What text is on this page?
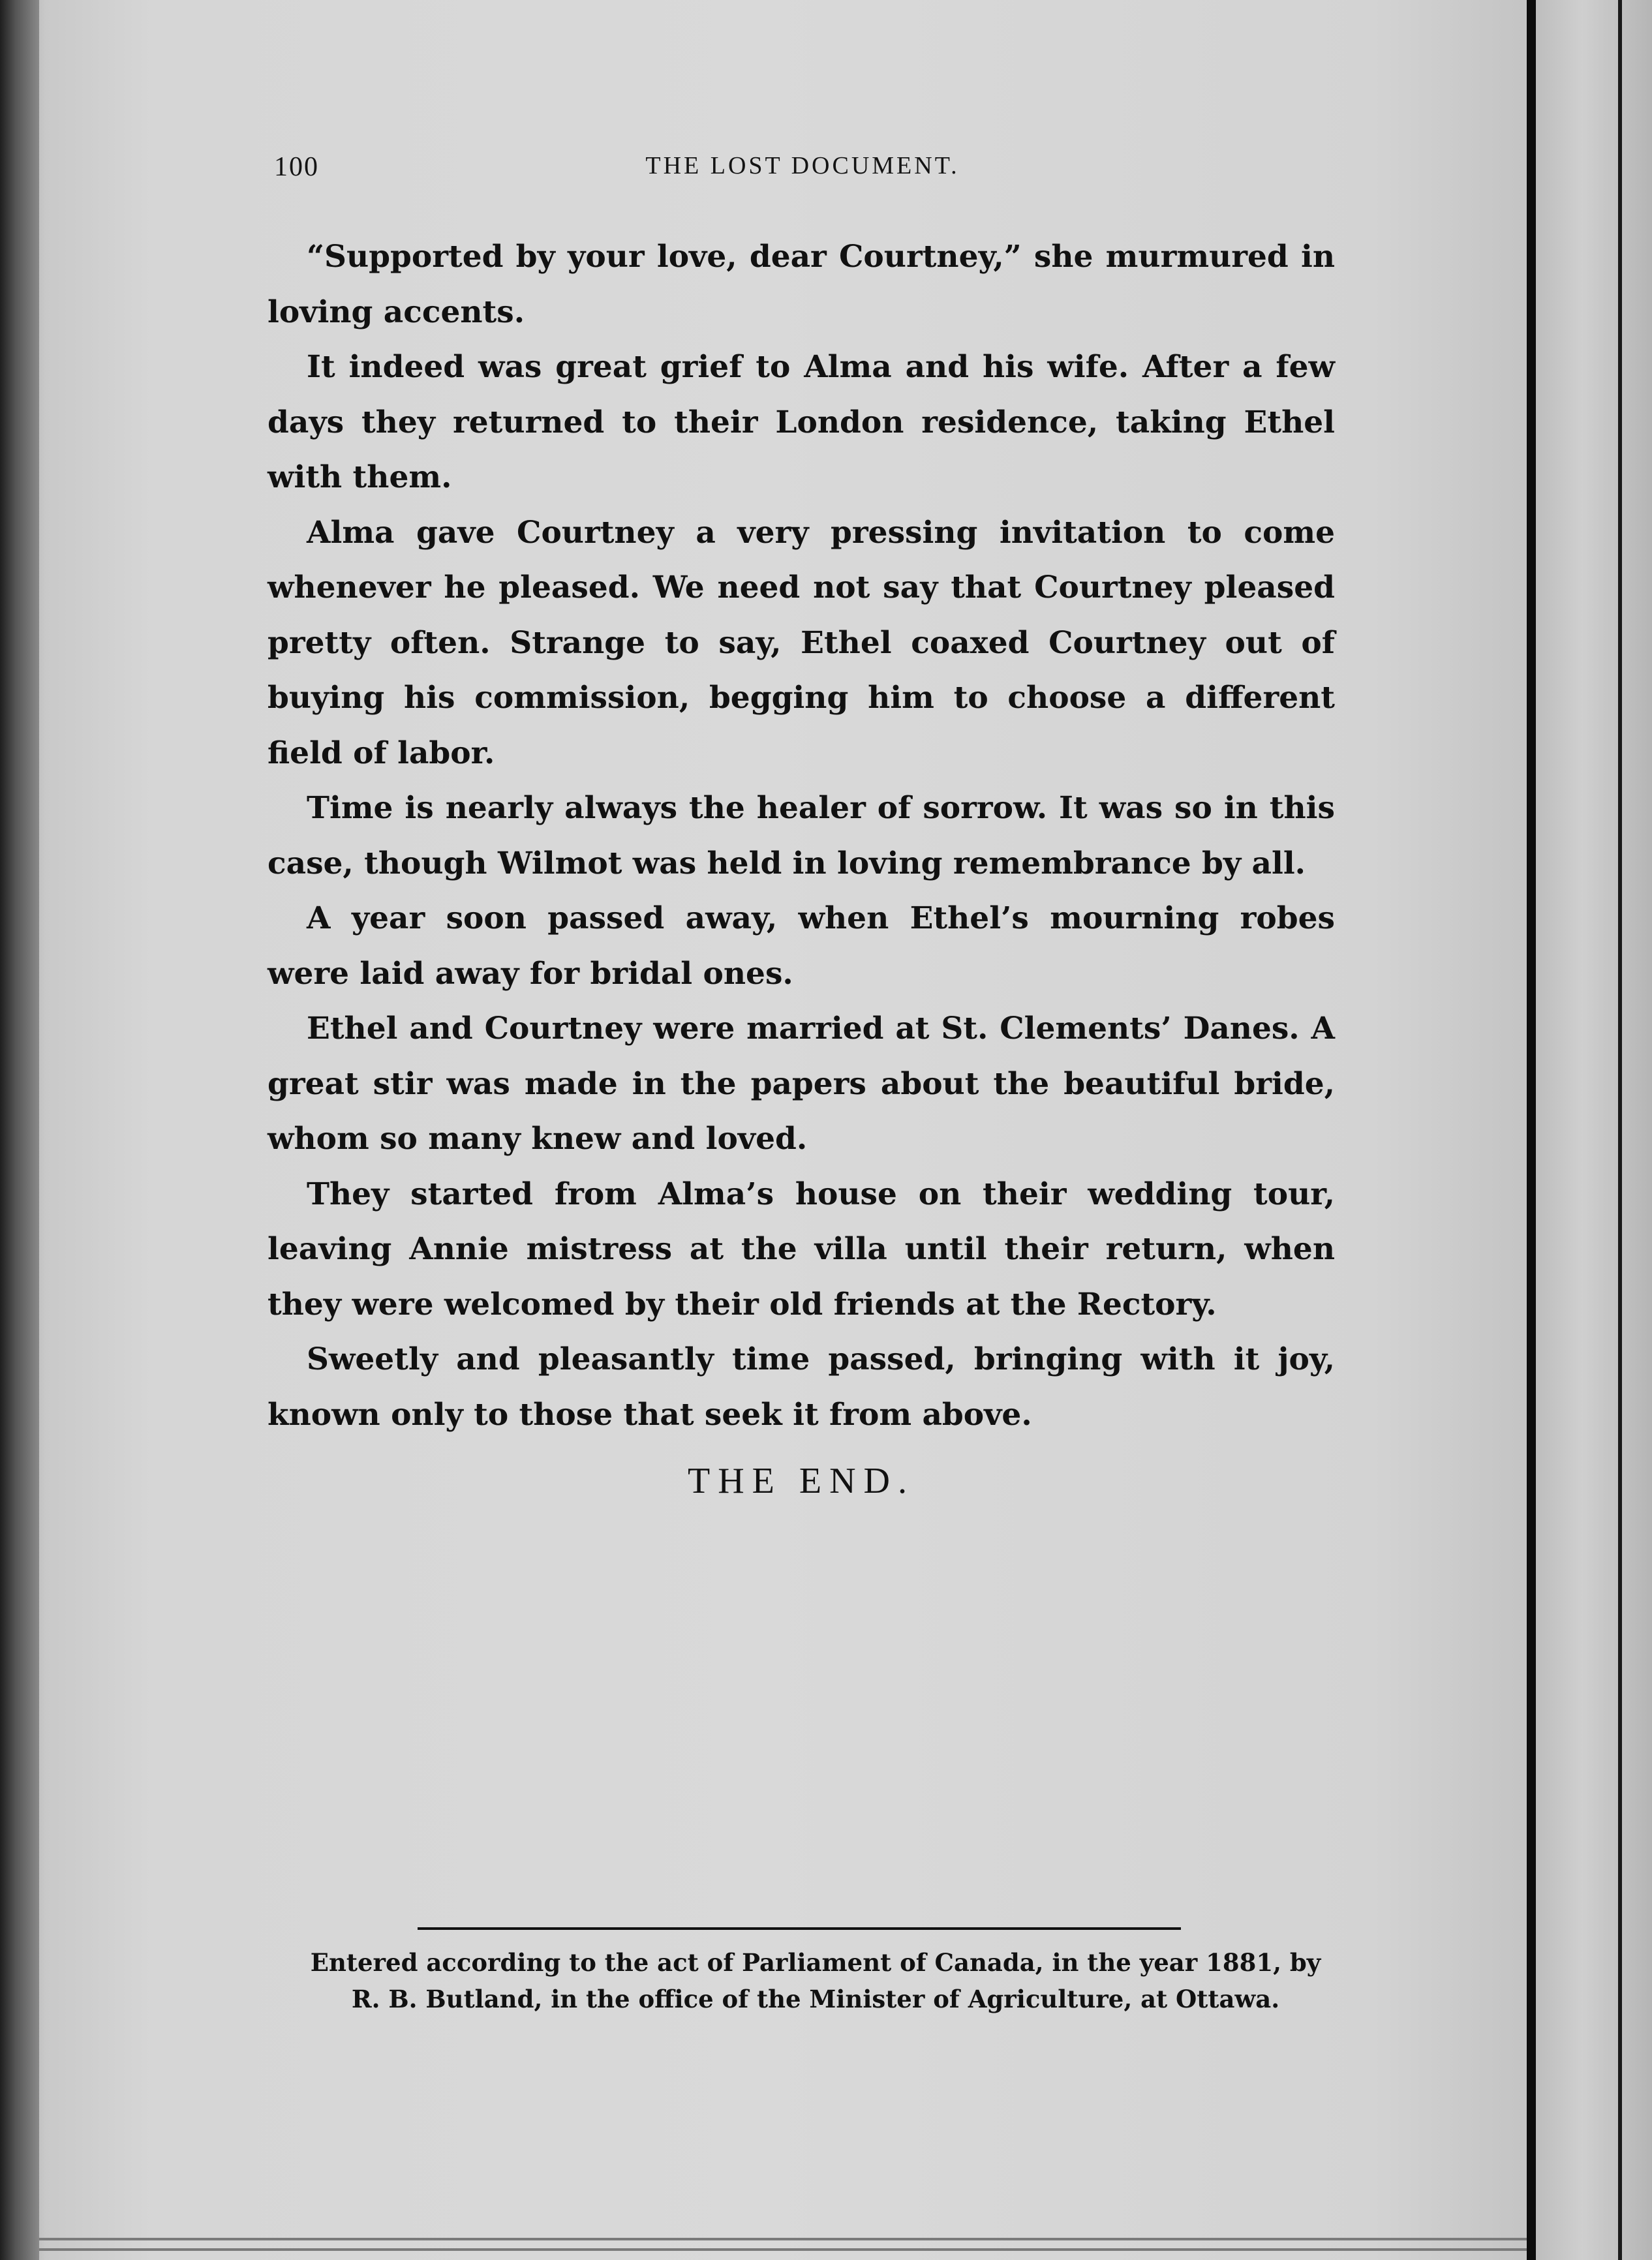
100	THE LOST DOCUMENT.

“Supported by your love, dear Courtney,” she murmured in loving accents.

It indeed was great grief to Alma and his wife. After a few days they returned to their London residence, taking Ethel with them.

Alma gave Courtney a very pressing invitation to come whenever he pleased. We need not say that Courtney pleased pretty often. Strange to say, Ethel coaxed Courtney out of buying his commission, begging him to choose a different field of labor.

Time is nearly always the healer of sorrow. It was so in this case, though Wilmot was held in loving remembrance by all.

A year soon passed away, when Ethel’s mourning robes were laid away for bridal ones.

Ethel and Courtney were married at St. Clements’ Danes. A great stir was made in the papers about the beautiful bride, whom so many knew and loved.

They started from Alma’s house on their wedding tour, leaving Annie mistress at the villa until their return, when they were welcomed by their old friends at the Rectory.

Sweetly and pleasantly time passed, bringing with it joy, known only to those that seek it from above.

THE END.
Entered according to the act of Parliament of Canada, in the year 1881, by
R. B. Butland, in the office of the Minister of Agriculture, at Ottawa.
